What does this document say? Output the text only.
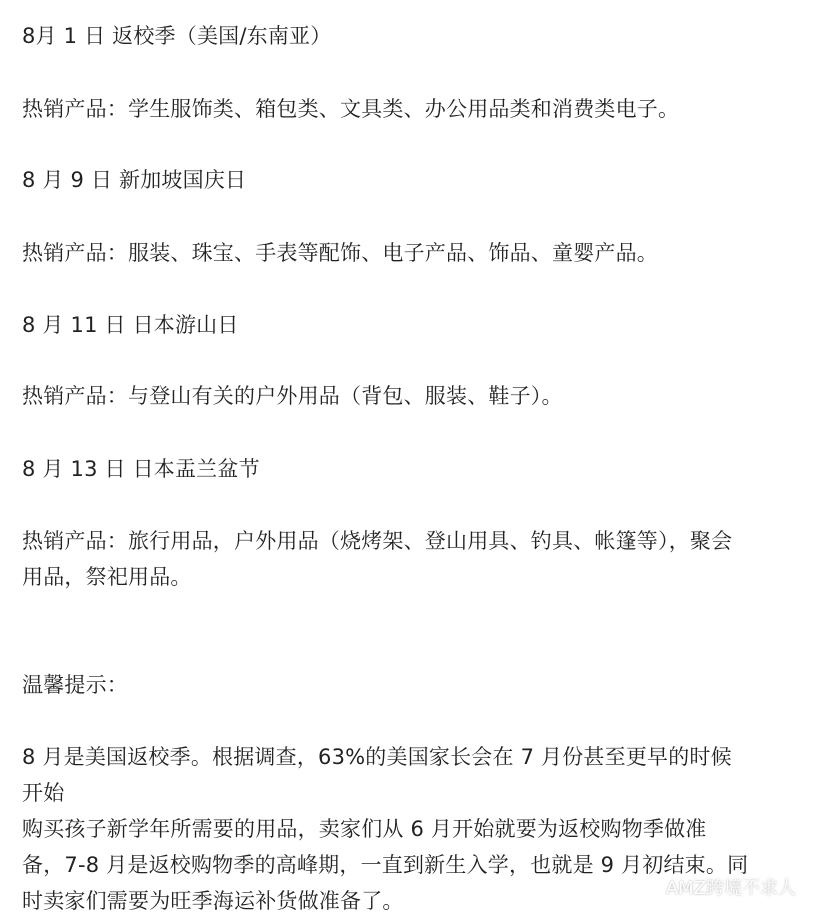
8月 1 日 返校季（美国/东南亚）
热销产品：学生服饰类、箱包类、文具类、办公用品类和消费类电子。
8 月 9 日 新加坡国庆日
热销产品：服装、珠宝、手表等配饰、电子产品、饰品、童婴产品。
8 月 11 日 日本游山日
热销产品：与登山有关的户外用品（背包、服装、鞋子）。
8 月 13 日 日本盂兰盆节
热销产品：旅行用品，户外用品（烧烤架、登山用具、钓具、帐篷等），聚会
用品，祭祀用品。
温馨提示：
8 月是美国返校季。根据调查，63%的美国家长会在 7 月份甚至更早的时候
开始
购买孩子新学年所需要的用品，卖家们从 6 月开始就要为返校购物季做准
备，7-8 月是返校购物季的高峰期，一直到新生入学，也就是 9 月初结束。同
时卖家们需要为旺季海运补货做准备了。
AMZ跨境不求人
